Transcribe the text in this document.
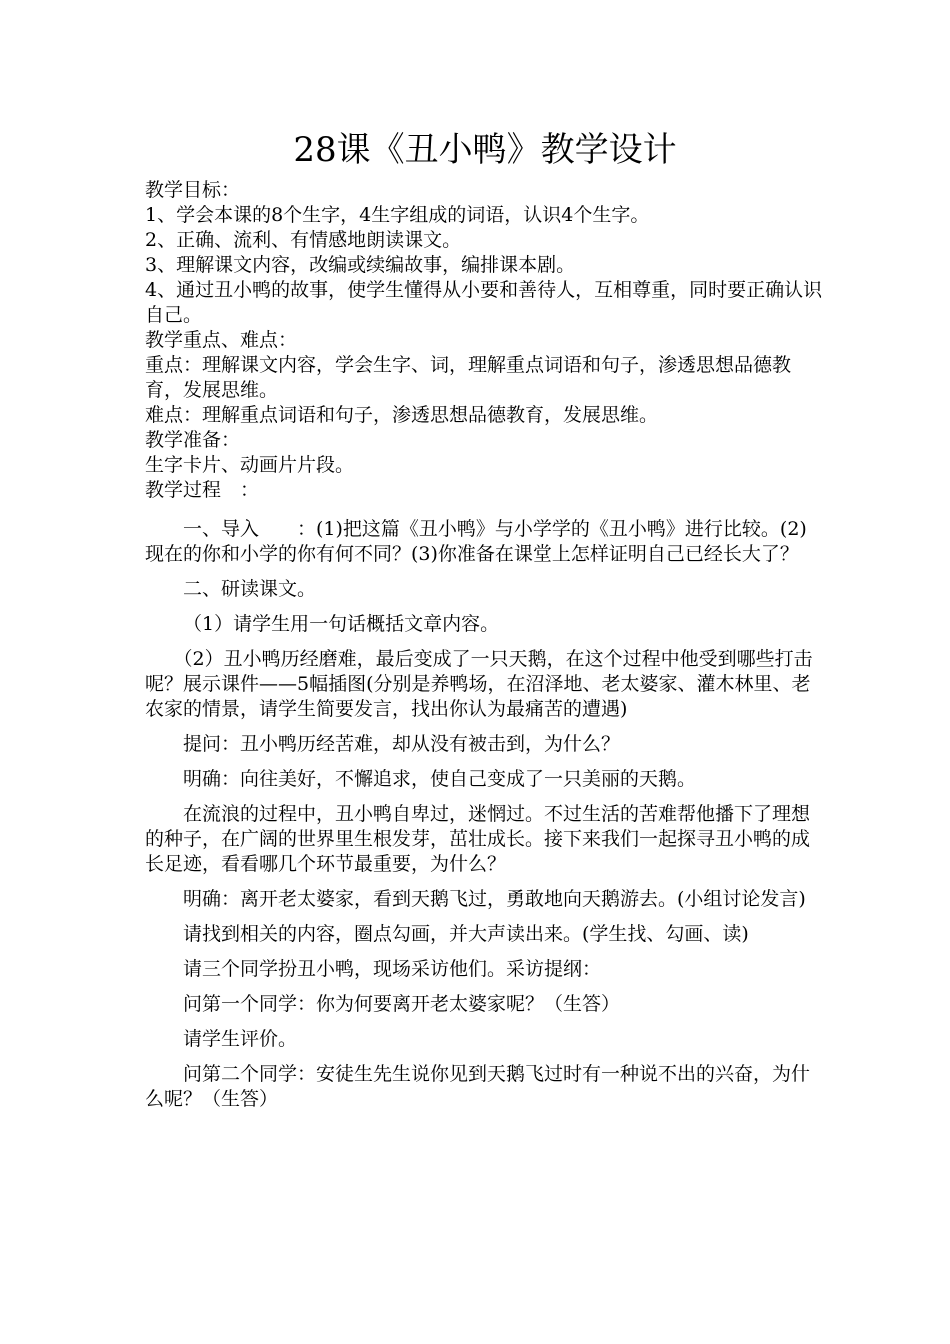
28课《丑小鸭》教学设计

教学目标：

1、学会本课的8个生字，4生字组成的词语，认识4个生字。

2、正确、流利、有情感地朗读课文。

3、理解课文内容，改编或续编故事，编排课本剧。

4、通过丑小鸭的故事，使学生懂得从小要和善待人，互相尊重，同时要正确认识自己。

教学重点、难点：

重点：理解课文内容，学会生字、词，理解重点词语和句子，渗透思想品德教育，发展思维。

难点：理解重点词语和句子，渗透思想品德教育，发展思维。

教学准备：

生字卡片、动画片片段。

教学过程　：

一、导入　　：(1)把这篇《丑小鸭》与小学学的《丑小鸭》进行比较。(2)现在的你和小学的你有何不同？(3)你准备在课堂上怎样证明自己已经长大了？

二、研读课文。

（1）请学生用一句话概括文章内容。

（2）丑小鸭历经磨难，最后变成了一只天鹅，在这个过程中他受到哪些打击呢？展示课件——5幅插图(分别是养鸭场，在沼泽地、老太婆家、灌木林里、老农家的情景，请学生简要发言，找出你认为最痛苦的遭遇)

提问：丑小鸭历经苦难，却从没有被击到，为什么？

明确：向往美好，不懈追求，使自己变成了一只美丽的天鹅。

在流浪的过程中，丑小鸭自卑过，迷惘过。不过生活的苦难帮他播下了理想的种子，在广阔的世界里生根发芽，茁壮成长。接下来我们一起探寻丑小鸭的成长足迹，看看哪几个环节最重要，为什么？

明确：离开老太婆家，看到天鹅飞过，勇敢地向天鹅游去。(小组讨论发言)

请找到相关的内容，圈点勾画，并大声读出来。(学生找、勾画、读)

请三个同学扮丑小鸭，现场采访他们。采访提纲：

问第一个同学：你为何要离开老太婆家呢？（生答）

请学生评价。

问第二个同学：安徒生先生说你见到天鹅飞过时有一种说不出的兴奋，为什么呢？（生答）
